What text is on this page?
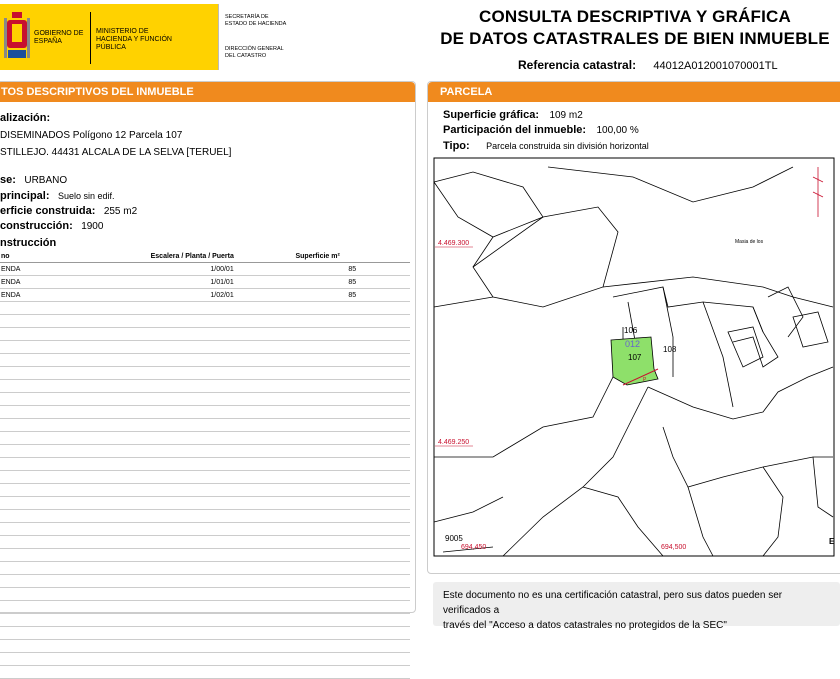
GOBIERNO DE ESPAÑA
MINISTERIO DE HACIENDA Y FUNCIÓN PÚBLICA
SECRETARÍA DE ESTADO DE HACIENDA
DIRECCIÓN GENERAL DEL CATASTRO
CONSULTA DESCRIPTIVA Y GRÁFICA
DE DATOS CATASTRALES DE BIEN INMUEBLE
Referencia catastral: 44012A012001070001TL
TOS DESCRIPTIVOS DEL INMUEBLE
alización:
DISEMINADOS Polígono 12 Parcela 107
STILLEJO. 44431 ALCALA DE LA SELVA [TERUEL]
se: URBANO
principal: Suelo sin edif.
erficie construida: 255 m2
construcción: 1900
nstrucción
no	Escalera / Planta / Puerta	Superficie m²
ENDA	1/00/01	85
ENDA	1/01/01	85
ENDA	1/02/01	85

PARCELA
Superficie gráfica: 109 m2
Participación del inmueble: 100,00 %
Tipo: Parcela construida sin división horizontal
4.469.300
4.469.250
694,450	694,500
106
012
107
108
9005
Masia de los
P
E
Este documento no es una certificación catastral, pero sus datos pueden ser verificados a
través del "Acceso a datos catastrales no protegidos de la SEC"
